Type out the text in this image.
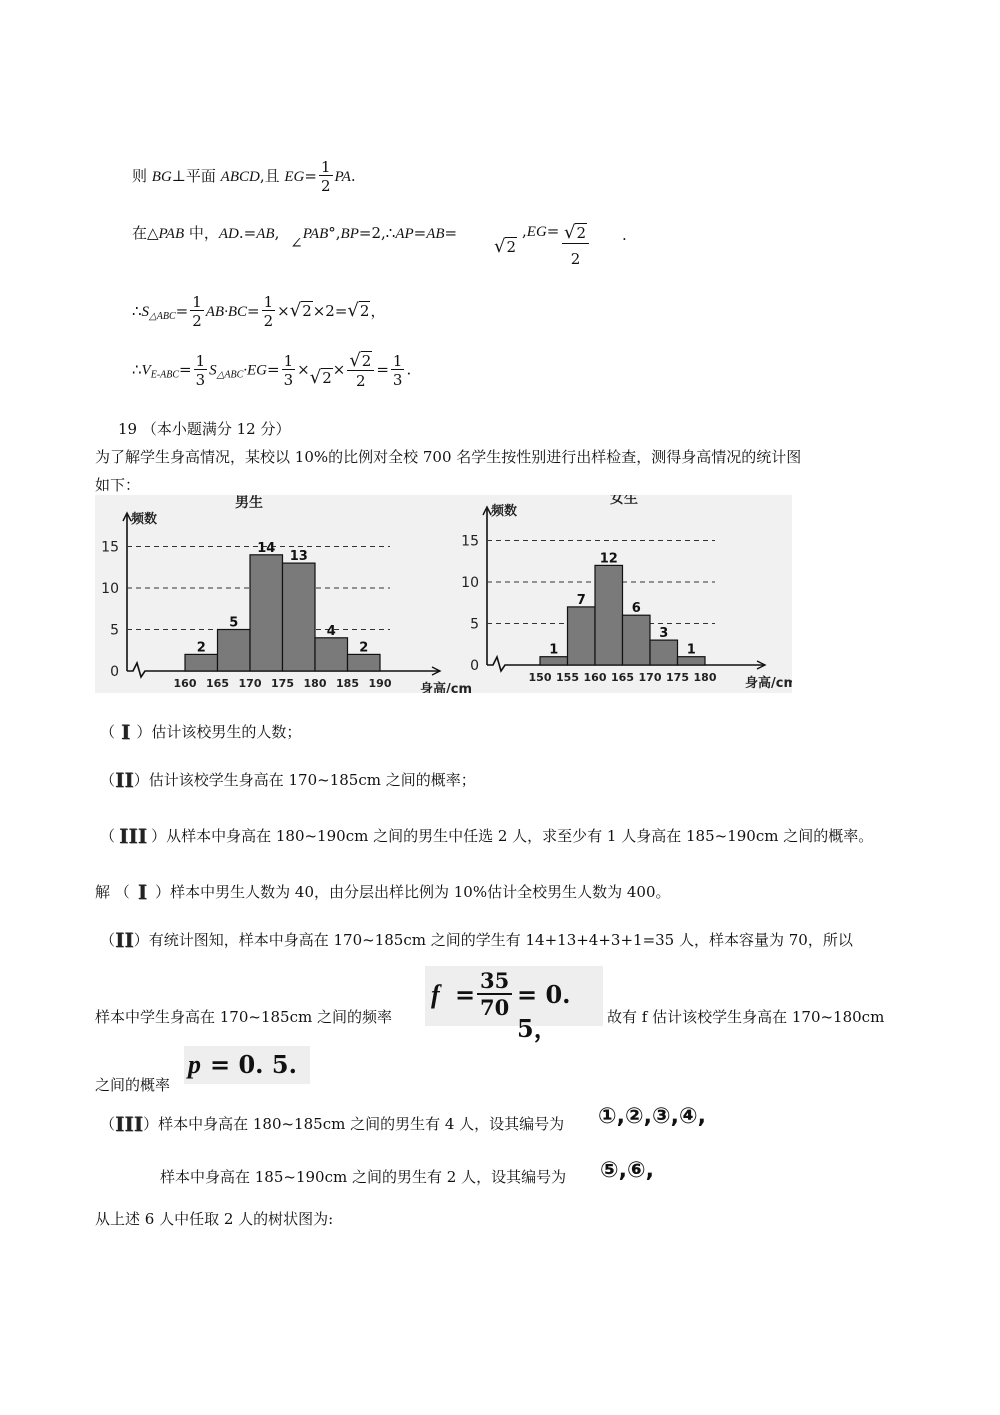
则 BG⊥平面 ABCD,且 $EG= \frac{1}{2}$ PA.
在△PAB 中，AD.=AB, ∠PAB°,BP=2,∴AP=AB=
√2
,EG= √2
2
.
$\therefore S_{\triangle ABC}= \frac{1}{2} AB\cdot BC= \frac{1}{2} \times√2\times 2=√2$，
$\therefore V_{E-ABC}= \frac{1}{3} S_{\triangle ABC}\cdot EG= \frac{1}{3} \times√2\times \frac{√2}{2} = \frac{1}{3}$ .
19 （本小题满分 12 分）
为了解学生身高情况，某校以 10%的比例对全校 700 名学生按性别进行出样检查，测得身高情况的统计图
如下：
男生
频数
身高/cm
0
5
10
15
2
5
14
13
4
2
160 165 170 175 180 185 190
女生
频数
身高/cm
0
5
10
15
1
7
12
6
3
1
150 155 160 165 170 175 180
（ I ）估计该校男生的人数；
（II）估计该校学生身高在 170~185cm 之间的概率；
（ III ）从样本中身高在 180~190cm 之间的男生中任选 2 人，求至少有 1 人身高在 185~190cm 之间的概率。
解 （ I ）样本中男生人数为 40，由分层出样比例为 10%估计全校男生人数为 400。
（II）有统计图知，样本中身高在 170~185cm 之间的学生有 14+13+4+3+1=35 人，样本容量为 70，所以
样本中学生身高在 170~185cm 之间的频率
$f = \frac{35}{70} = 0$. 5，	故有 f 估计该校学生身高在 170~180cm
之间的概率
p = 0. 5.
（III）样本中身高在 180~185cm 之间的男生有 4 人，设其编号为 ①,②,③,④,
样本中身高在 185~190cm 之间的男生有 2 人，设其编号为 ⑤,⑥,
从上述 6 人中任取 2 人的树状图为:
